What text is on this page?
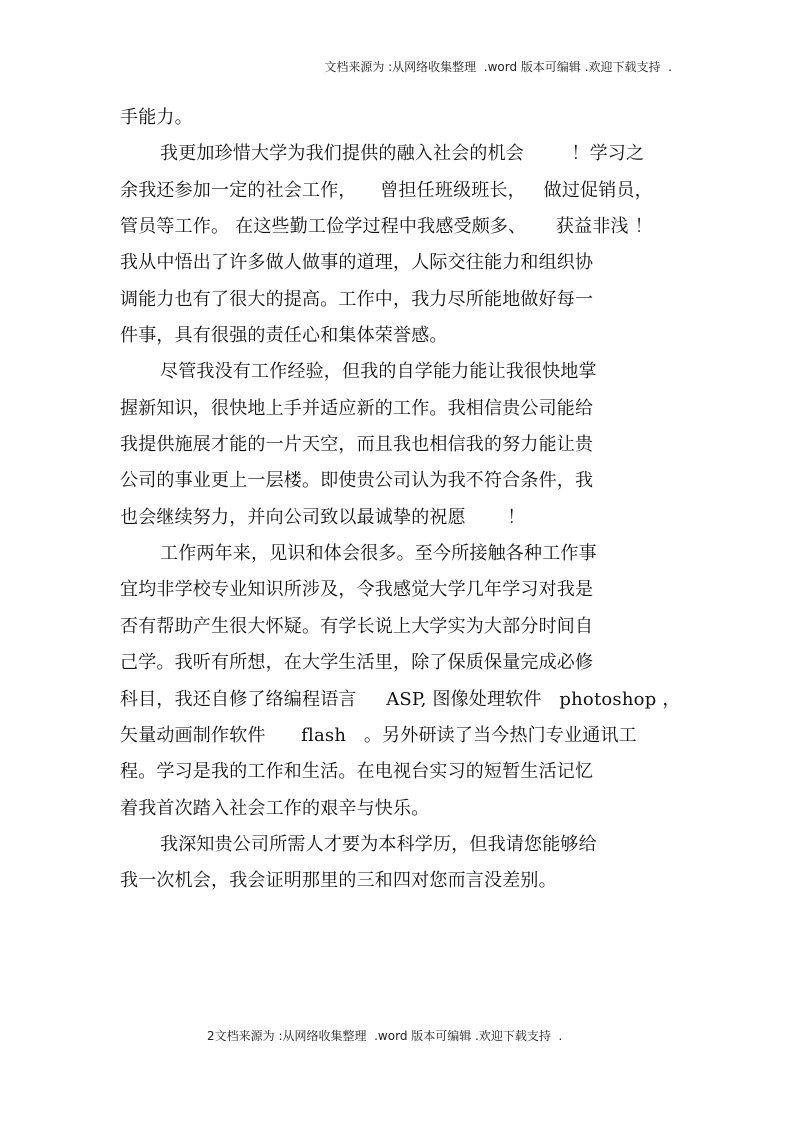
文档来源为 :从网络收集整理  .word 版本可编辑 .欢迎下载支持  .
手能力。
我更加珍惜大学为我们提供的融入社会的机会        ！学习之
余我还参加一定的社会工作，    曾担任班级班长，   做过促销员，
管员等工作。 在这些勤工俭学过程中我感受颇多、     获益非浅 ！
我从中悟出了许多做人做事的道理，人际交往能力和组织协
调能力也有了很大的提高。工作中，我力尽所能地做好每一
件事，具有很强的责任心和集体荣誉感。
尽管我没有工作经验，但我的自学能力能让我很快地掌
握新知识，很快地上手并适应新的工作。我相信贵公司能给
我提供施展才能的一片天空，而且我也相信我的努力能让贵
公司的事业更上一层楼。即使贵公司认为我不符合条件，我
也会继续努力，并向公司致以最诚挚的祝愿       ！
工作两年来，见识和体会很多。至今所接触各种工作事
宜均非学校专业知识所涉及，令我感觉大学几年学习对我是
否有帮助产生很大怀疑。有学长说上大学实为大部分时间自
己学。我听有所想，在大学生活里，除了保质保量完成必修
科目，我还自修了络编程语言     ASP, 图像处理软件   photoshop ，
矢量动画制作软件      flash   。另外研读了当今热门专业通讯工
程。学习是我的工作和生活。在电视台实习的短暂生活记忆
着我首次踏入社会工作的艰辛与快乐。
我深知贵公司所需人才要为本科学历，但我请您能够给
我一次机会，我会证明那里的三和四对您而言没差别。
2文档来源为 :从网络收集整理  .word 版本可编辑 .欢迎下载支持  .
